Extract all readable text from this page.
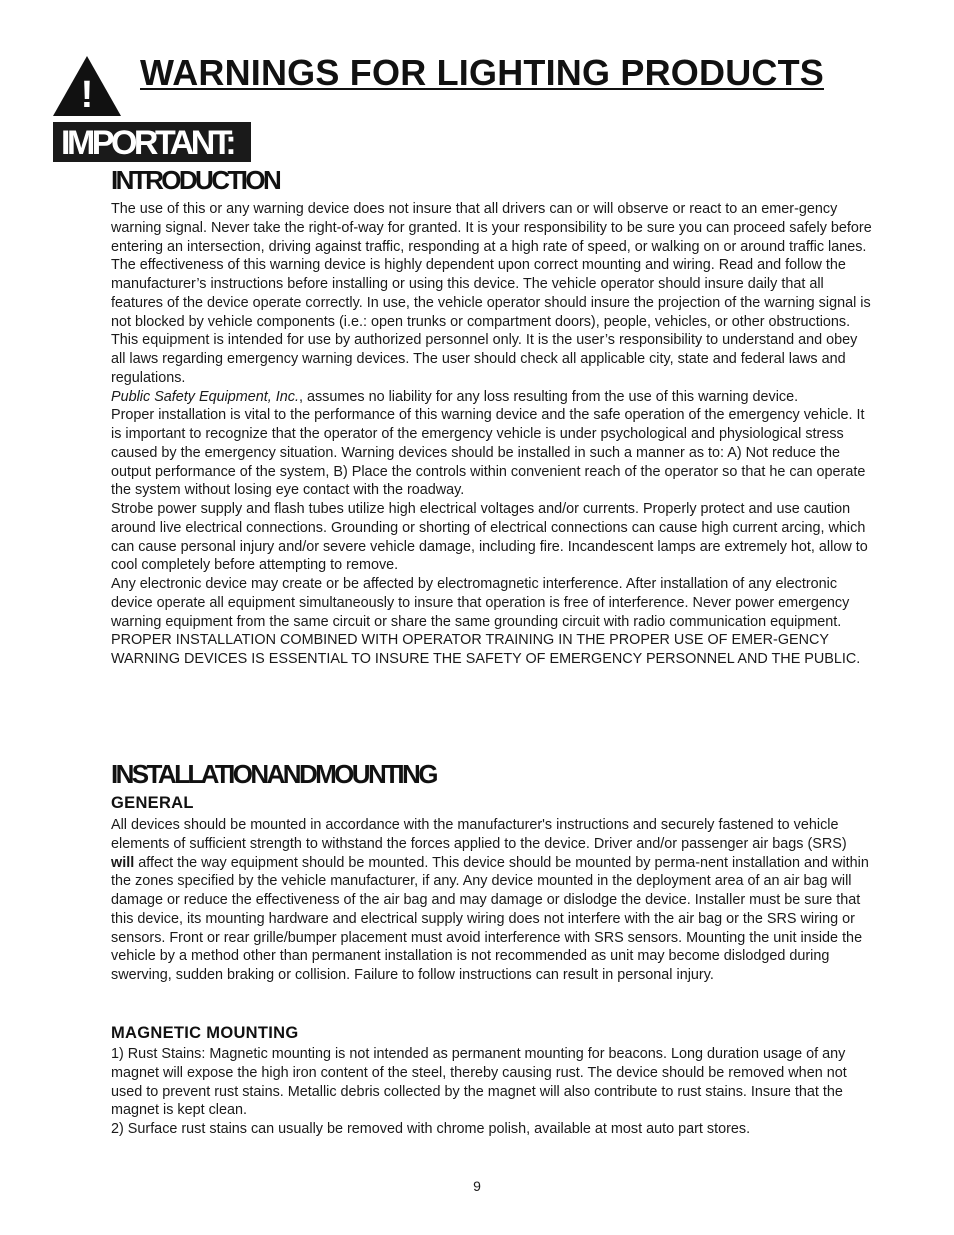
!
WARNINGS FOR LIGHTING PRODUCTS
IMPORTANT:
INTRODUCTION

The use of this or any warning device does not insure that all drivers can or will observe or react to an emer-gency warning signal. Never take the right-of-way for granted. It is your responsibility to be sure you can proceed safely before entering an intersection, driving against traffic, responding at a high rate of speed, or walking on or around traffic lanes.

The effectiveness of this warning device is highly dependent upon correct mounting and wiring. Read and follow the manufacturer’s instructions before installing or using this device. The vehicle operator should insure daily that all features of the device operate correctly. In use, the vehicle operator should insure the projection of the warning signal is not blocked by vehicle components (i.e.: open trunks or compartment doors), people, vehicles, or other obstructions.

This equipment is intended for use by authorized personnel only. It is the user’s responsibility to understand and obey all laws regarding emergency warning devices. The user should check all applicable city, state and federal laws and regulations.

Public Safety Equipment, Inc., assumes no liability for any loss resulting from the use of this warning device.

Proper installation is vital to the performance of this warning device and the safe operation of the emergency vehicle. It is important to recognize that the operator of the emergency vehicle is under psychological and physiological stress caused by the emergency situation. Warning devices should be installed in such a manner as to: A) Not reduce the output performance of the system, B) Place the controls within convenient reach of the operator so that he can operate the system without losing eye contact with the roadway.

Strobe power supply and flash tubes utilize high electrical voltages and/or currents. Properly protect and use caution around live electrical connections. Grounding or shorting of electrical connections can cause high current arcing, which can cause personal injury and/or severe vehicle damage, including fire. Incandescent lamps are extremely hot, allow to cool completely before attempting to remove.

Any electronic device may create or be affected by electromagnetic interference. After installation of any electronic device operate all equipment simultaneously to insure that operation is free of interference. Never power emergency warning equipment from the same circuit or share the same grounding circuit with radio communication equipment.

PROPER INSTALLATION COMBINED WITH OPERATOR TRAINING IN THE PROPER USE OF EMER-GENCY WARNING DEVICES IS ESSENTIAL TO INSURE THE SAFETY OF EMERGENCY PERSONNEL AND THE PUBLIC.

INSTALLATIONANDMOUNTING
GENERAL

All devices should be mounted in accordance with the manufacturer's instructions and securely fastened to vehicle elements of sufficient strength to withstand the forces applied to the device. Driver and/or passenger air bags (SRS) will affect the way equipment should be mounted. This device should be mounted by perma-nent installation and within the zones specified by the vehicle manufacturer, if any. Any device mounted in the deployment area of an air bag will damage or reduce the effectiveness of the air bag and may damage or dislodge the device. Installer must be sure that this device, its mounting hardware and electrical supply wiring does not interfere with the air bag or the SRS wiring or sensors. Front or rear grille/bumper placement must avoid interference with SRS sensors. Mounting the unit inside the vehicle by a method other than permanent installation is not recommended as unit may become dislodged during swerving, sudden braking or collision. Failure to follow instructions can result in personal injury.

MAGNETIC MOUNTING

1) Rust Stains: Magnetic mounting is not intended as permanent mounting for beacons. Long duration usage of any magnet will expose the high iron content of the steel, thereby causing rust. The device should be removed when not used to prevent rust stains. Metallic debris collected by the magnet will also contribute to rust stains. Insure that the magnet is kept clean.

2) Surface rust stains can usually be removed with chrome polish, available at most auto part stores.

9
